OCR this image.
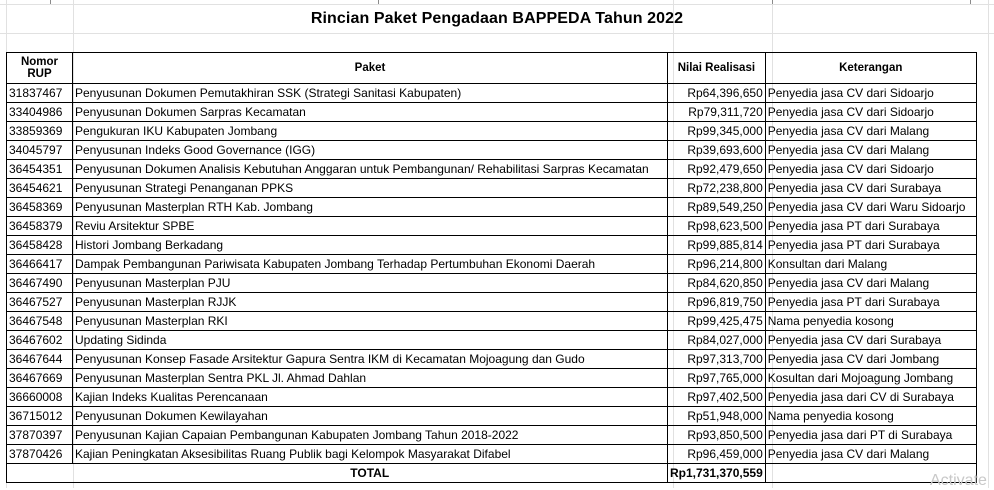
Rincian Paket Pengadaan BAPPEDA Tahun 2022
Nomor RUP	Paket	Nilai Realisasi	Keterangan
31837467	Penyusunan Dokumen Pemutakhiran SSK (Strategi Sanitasi Kabupaten)	Rp64,396,650	Penyedia jasa CV dari Sidoarjo
33404986	Penyusunan Dokumen Sarpras Kecamatan	Rp79,311,720	Penyedia jasa CV dari Sidoarjo
33859369	Pengukuran IKU Kabupaten Jombang	Rp99,345,000	Penyedia jasa CV dari Malang
34045797	Penyusunan Indeks Good Governance (IGG)	Rp39,693,600	Penyedia jasa CV dari Malang
36454351	Penyusunan Dokumen Analisis Kebutuhan Anggaran untuk Pembangunan/ Rehabilitasi Sarpras Kecamatan	Rp92,479,650	Penyedia jasa CV dari Sidoarjo
36454621	Penyusunan Strategi Penanganan PPKS	Rp72,238,800	Penyedia jasa CV dari Surabaya
36458369	Penyusunan Masterplan RTH Kab. Jombang	Rp89,549,250	Penyedia jasa CV dari Waru Sidoarjo
36458379	Reviu Arsitektur SPBE	Rp98,623,500	Penyedia jasa PT dari Surabaya
36458428	Histori Jombang Berkadang	Rp99,885,814	Penyedia jasa PT dari Surabaya
36466417	Dampak Pembangunan Pariwisata Kabupaten Jombang Terhadap Pertumbuhan Ekonomi Daerah	Rp96,214,800	Konsultan dari Malang
36467490	Penyusunan Masterplan PJU	Rp84,620,850	Penyedia jasa CV dari Malang
36467527	Penyusunan Masterplan RJJK	Rp96,819,750	Penyedia jasa PT dari Surabaya
36467548	Penyusunan Masterplan RKI	Rp99,425,475	Nama penyedia kosong
36467602	Updating Sidinda	Rp84,027,000	Penyedia jasa CV dari Surabaya
36467644	Penyusunan Konsep Fasade Arsitektur Gapura Sentra IKM di Kecamatan Mojoagung dan Gudo	Rp97,313,700	Penyedia jasa CV dari Jombang
36467669	Penyusunan Masterplan Sentra PKL Jl. Ahmad Dahlan	Rp97,765,000	Kosultan dari Mojoagung Jombang
36660008	Kajian Indeks Kualitas Perencanaan	Rp97,402,500	Penyedia jasa dari CV di Surabaya
36715012	Penyusunan Dokumen Kewilayahan	Rp51,948,000	Nama penyedia kosong
37870397	Penyusunan Kajian Capaian Pembangunan Kabupaten Jombang Tahun 2018-2022	Rp93,850,500	Penyedia jasa dari PT di Surabaya
37870426	Kajian Peningkatan Aksesibilitas Ruang Publik bagi Kelompok Masyarakat Difabel	Rp96,459,000	Penyedia jasa CV dari Malang
	TOTAL	Rp1,731,370,559		Activate
